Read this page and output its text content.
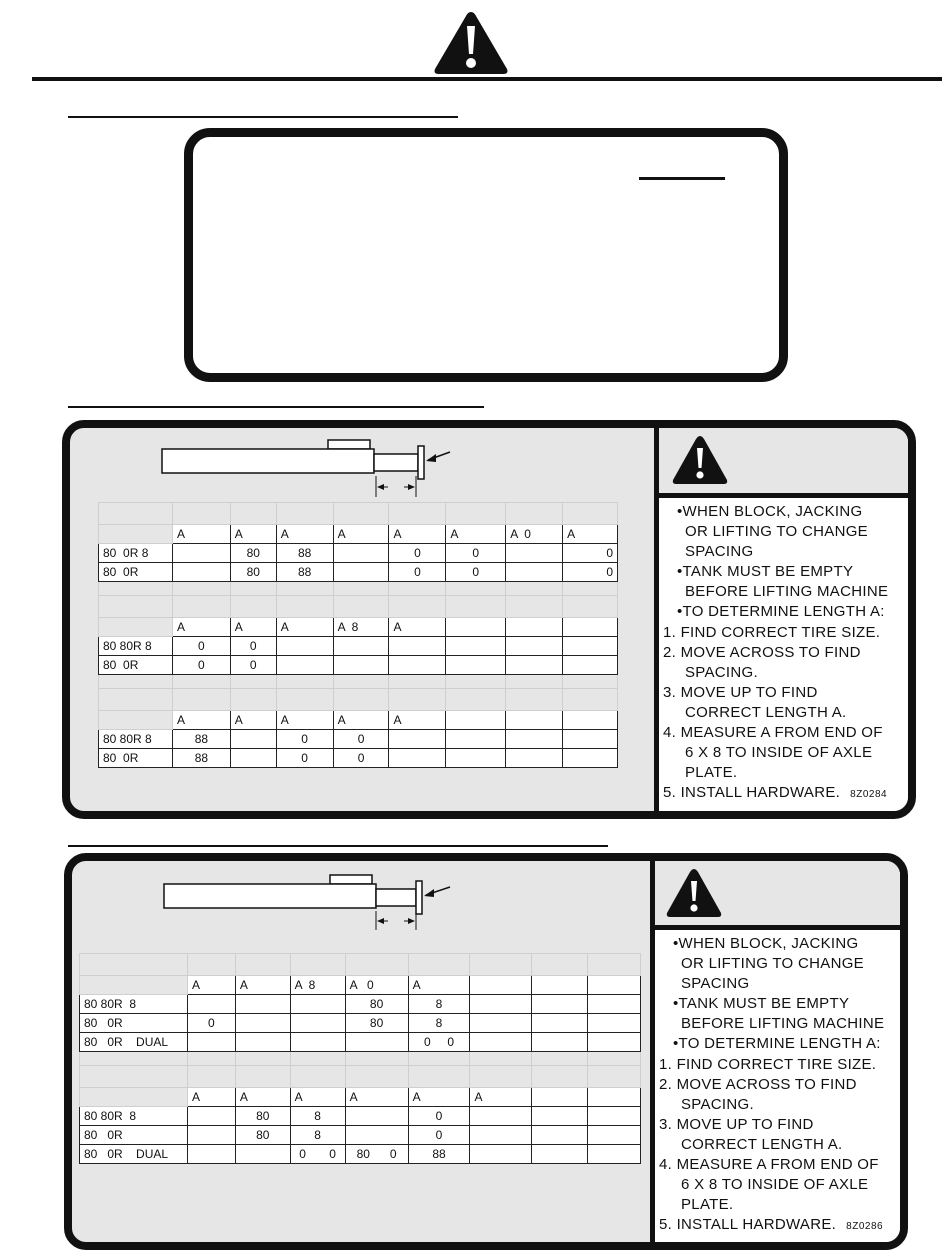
	A	A	A	A	A	A	A  0	A
80  0R 8		80	88		0	0		0
80  0R		80	88		0	0		0

	A	A	A	A  8	A			
80 80R 8	0	0						
80  0R	0	0						

	A	A	A	A	A			
80 80R 8	88		0	0				
80  0R	88		0	0				
•WHEN BLOCK, JACKING
OR LIFTING TO CHANGE
SPACING
•TANK MUST BE EMPTY
BEFORE LIFTING MACHINE
•TO DETERMINE LENGTH A:
1. FIND CORRECT TIRE SIZE.
2. MOVE ACROSS TO FIND
SPACING.
3. MOVE UP TO FIND
CORRECT LENGTH A.
4. MEASURE A FROM END OF
6 X 8 TO INSIDE OF AXLE
PLATE.
5. INSTALL HARDWARE. 8Z0284

	A	A	A  8	A   0	A			
80 80R  8				80	8			
80   0R	0			80	8			
80   0R    DUAL					0     0			

	A	A	A	A	A	A		
80 80R  8		80	8		0			
80   0R		80	8		0			
80   0R    DUAL			0       0	80      0	88			
•WHEN BLOCK, JACKING
OR LIFTING TO CHANGE
SPACING
•TANK MUST BE EMPTY
BEFORE LIFTING MACHINE
•TO DETERMINE LENGTH A:
1. FIND CORRECT TIRE SIZE.
2. MOVE ACROSS TO FIND
SPACING.
3. MOVE UP TO FIND
CORRECT LENGTH A.
4. MEASURE A FROM END OF
6 X 8 TO INSIDE OF AXLE
PLATE.
5. INSTALL HARDWARE. 8Z0286
